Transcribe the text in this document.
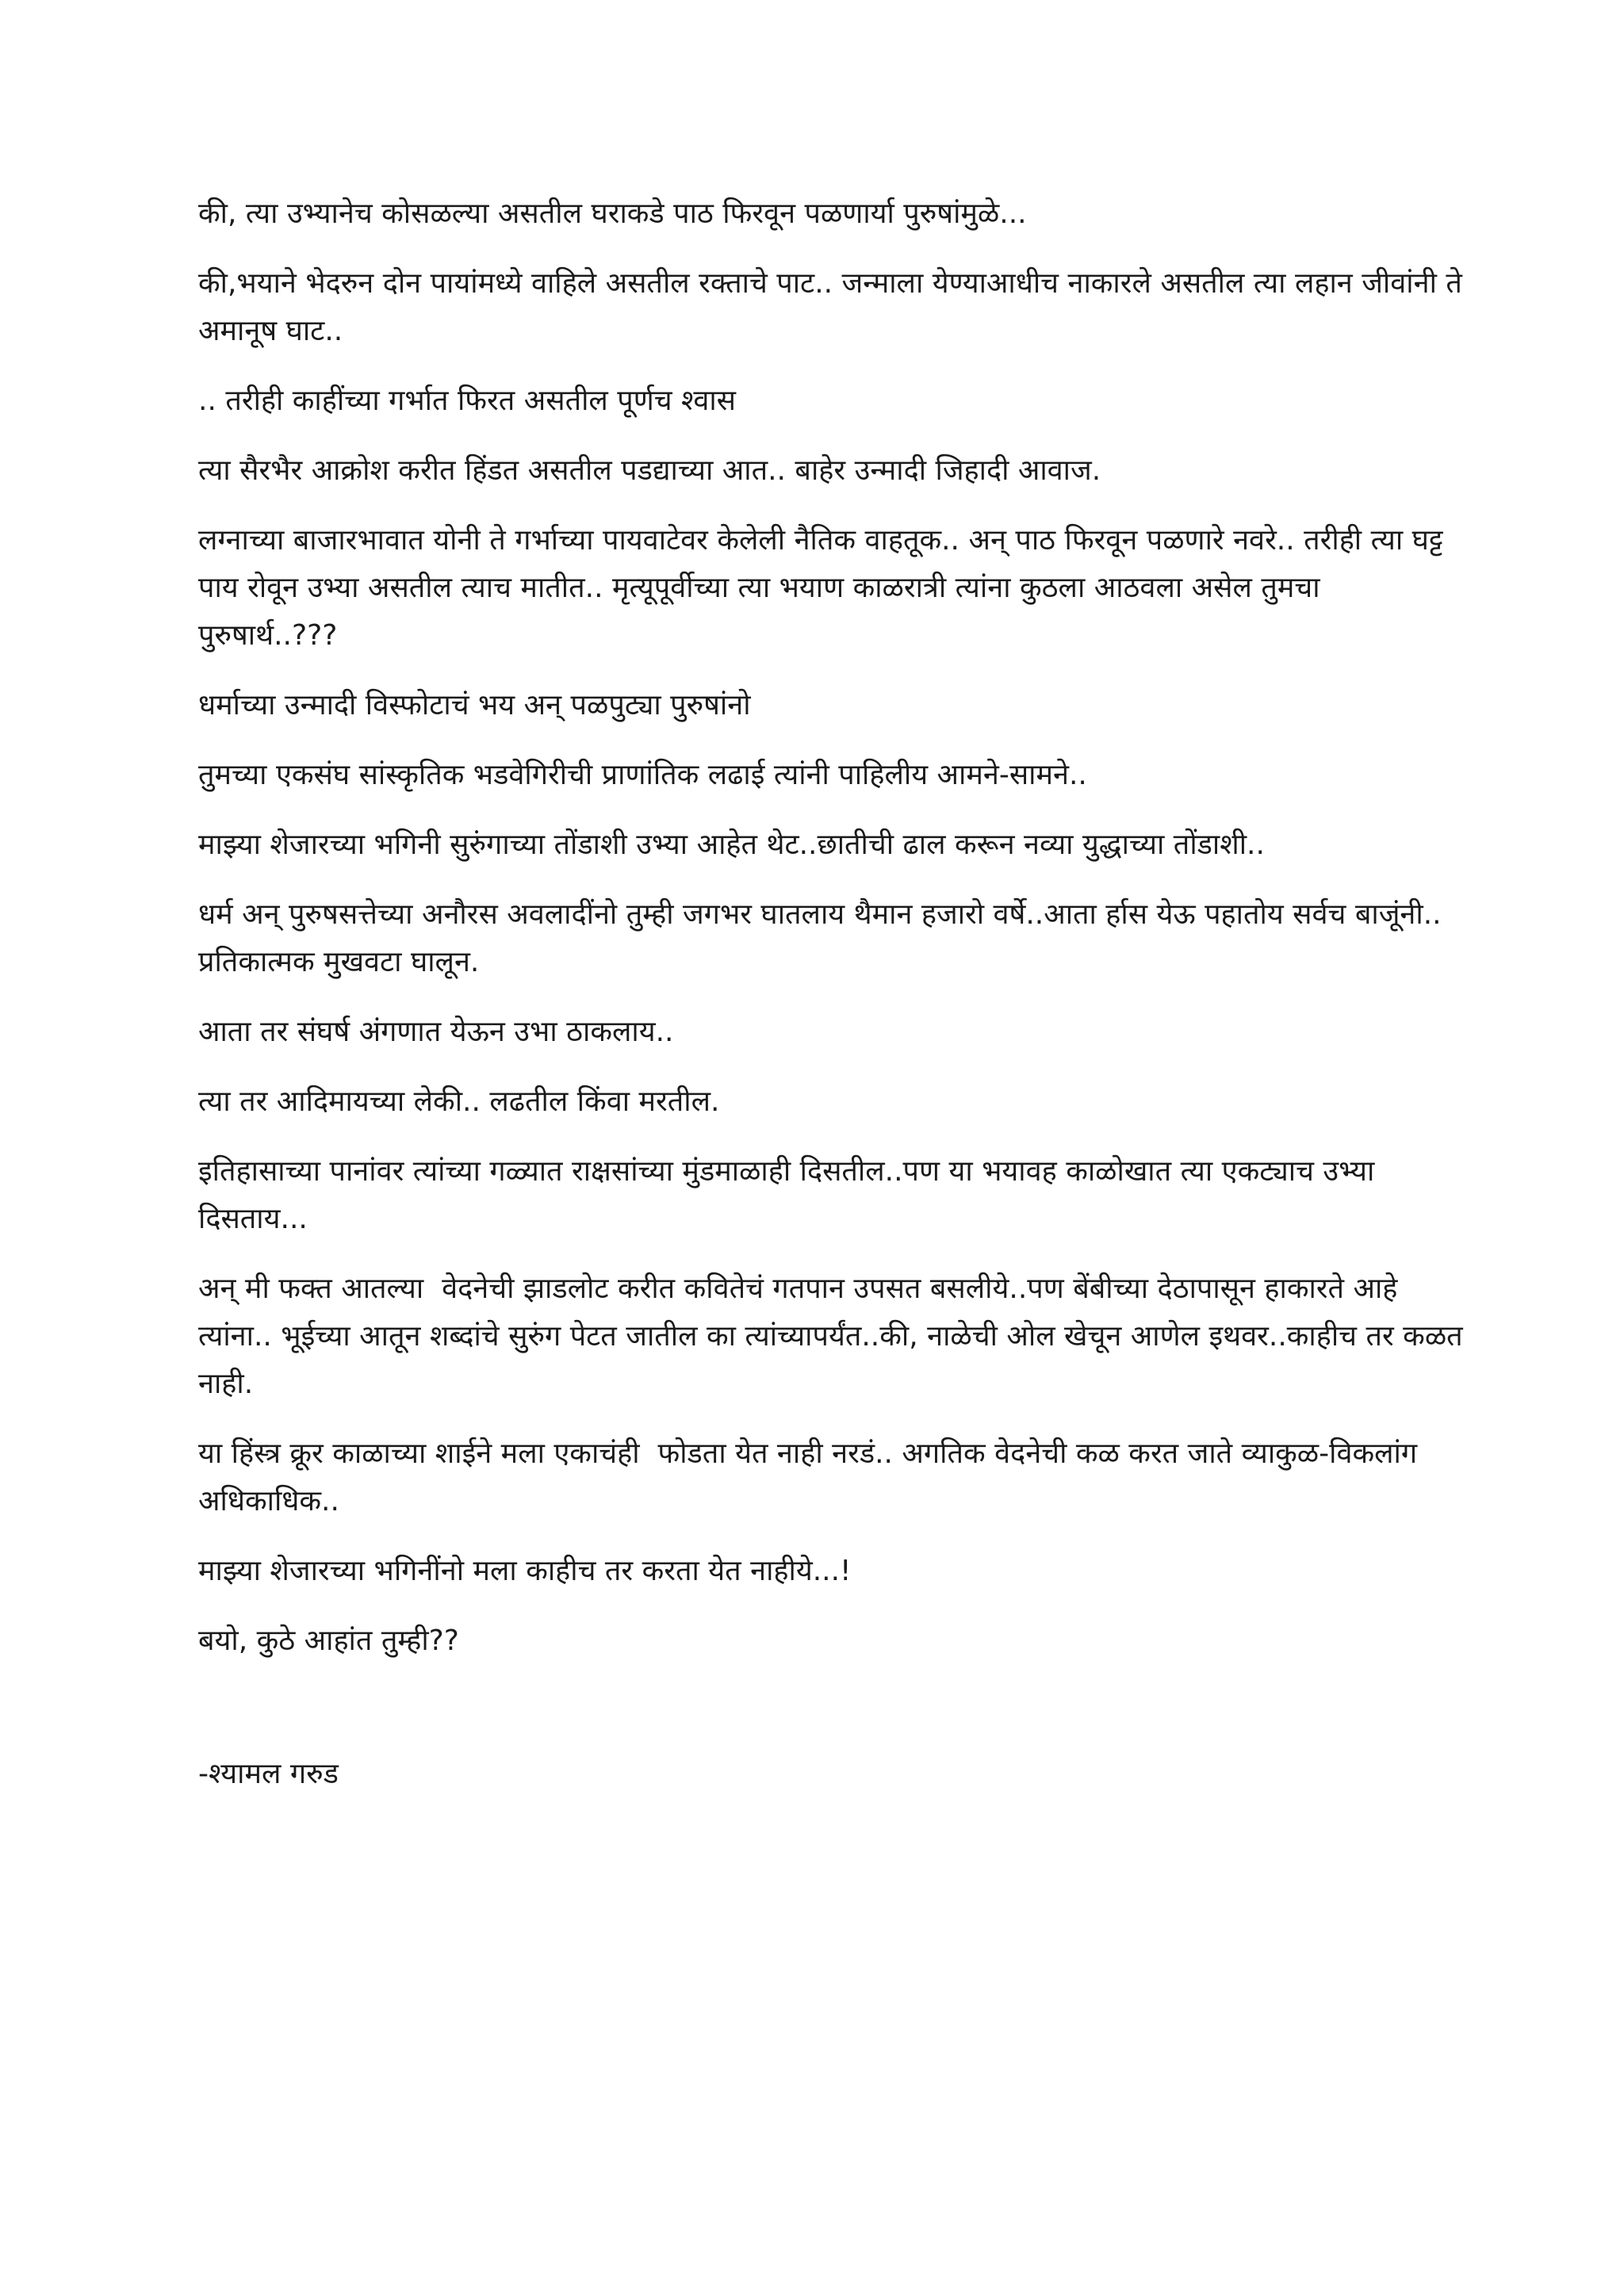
की, त्या उभ्यानेच कोसळल्या असतील घराकडे पाठ फिरवून पळणार्या पुरुषांमुळे...

की,भयाने भेदरुन दोन पायांमध्ये वाहिले असतील रक्ताचे पाट.. जन्माला येण्याआधीच नाकारले असतील त्या लहान जीवांनी ते अमानूष घाट..

.. तरीही काहींच्या गर्भात फिरत असतील पूर्णच श्वास

त्या सैरभैर आक्रोश करीत हिंडत असतील पडद्याच्या आत.. बाहेर उन्मादी जिहादी आवाज.

लग्नाच्या बाजारभावात योनी ते गर्भाच्या पायवाटेवर केलेली नैतिक वाहतूक.. अन् पाठ फिरवून पळणारे नवरे.. तरीही त्या घट्ट पाय रोवून उभ्या असतील त्याच मातीत.. मृत्यूपूर्वीच्या त्या भयाण काळरात्री त्यांना कुठला आठवला असेल तुमचा पुरुषार्थ..???

धर्माच्या उन्मादी विस्फोटाचं भय अन् पळपुट्या पुरुषांनो

तुमच्या एकसंघ सांस्कृतिक भडवेगिरीची प्राणांतिक लढाई त्यांनी पाहिलीय आमने-सामने..

माझ्या शेजारच्या भगिनी सुरुंगाच्या तोंडाशी उभ्या आहेत थेट..छातीची ढाल करून नव्या युद्धाच्या तोंडाशी..

धर्म अन् पुरुषसत्तेच्या अनौरस अवलादींनो तुम्ही जगभर घातलाय थैमान हजारो वर्षे..आता र्हास येऊ पहातोय सर्वच बाजूंनी.. प्रतिकात्मक मुखवटा घालून.

आता तर संघर्ष अंगणात येऊन उभा ठाकलाय..

त्या तर आदिमायच्या लेकी.. लढतील किंवा मरतील.

इतिहासाच्या पानांवर त्यांच्या गळ्यात राक्षसांच्या मुंडमाळाही दिसतील..पण या भयावह काळोखात त्या एकट्याच उभ्या दिसताय...

अन् मी फक्त आतल्या  वेदनेची झाडलोट करीत कवितेचं गतपान उपसत बसलीये..पण बेंबीच्या देठापासून हाकारते आहे त्यांना.. भूईच्या आतून शब्दांचे सुरुंग पेटत जातील का त्यांच्यापर्यंत..की, नाळेची ओल खेचून आणेल इथवर..काहीच तर कळत नाही.

या हिंस्त्र क्रूर काळाच्या शाईने मला एकाचंही  फोडता येत नाही नरडं.. अगतिक वेदनेची कळ करत जाते व्याकुळ-विकलांग अधिकाधिक..

माझ्या शेजारच्या भगिनींनो मला काहीच तर करता येत नाहीये...!

बयो, कुठे आहांत तुम्ही??

-श्यामल गरुड
